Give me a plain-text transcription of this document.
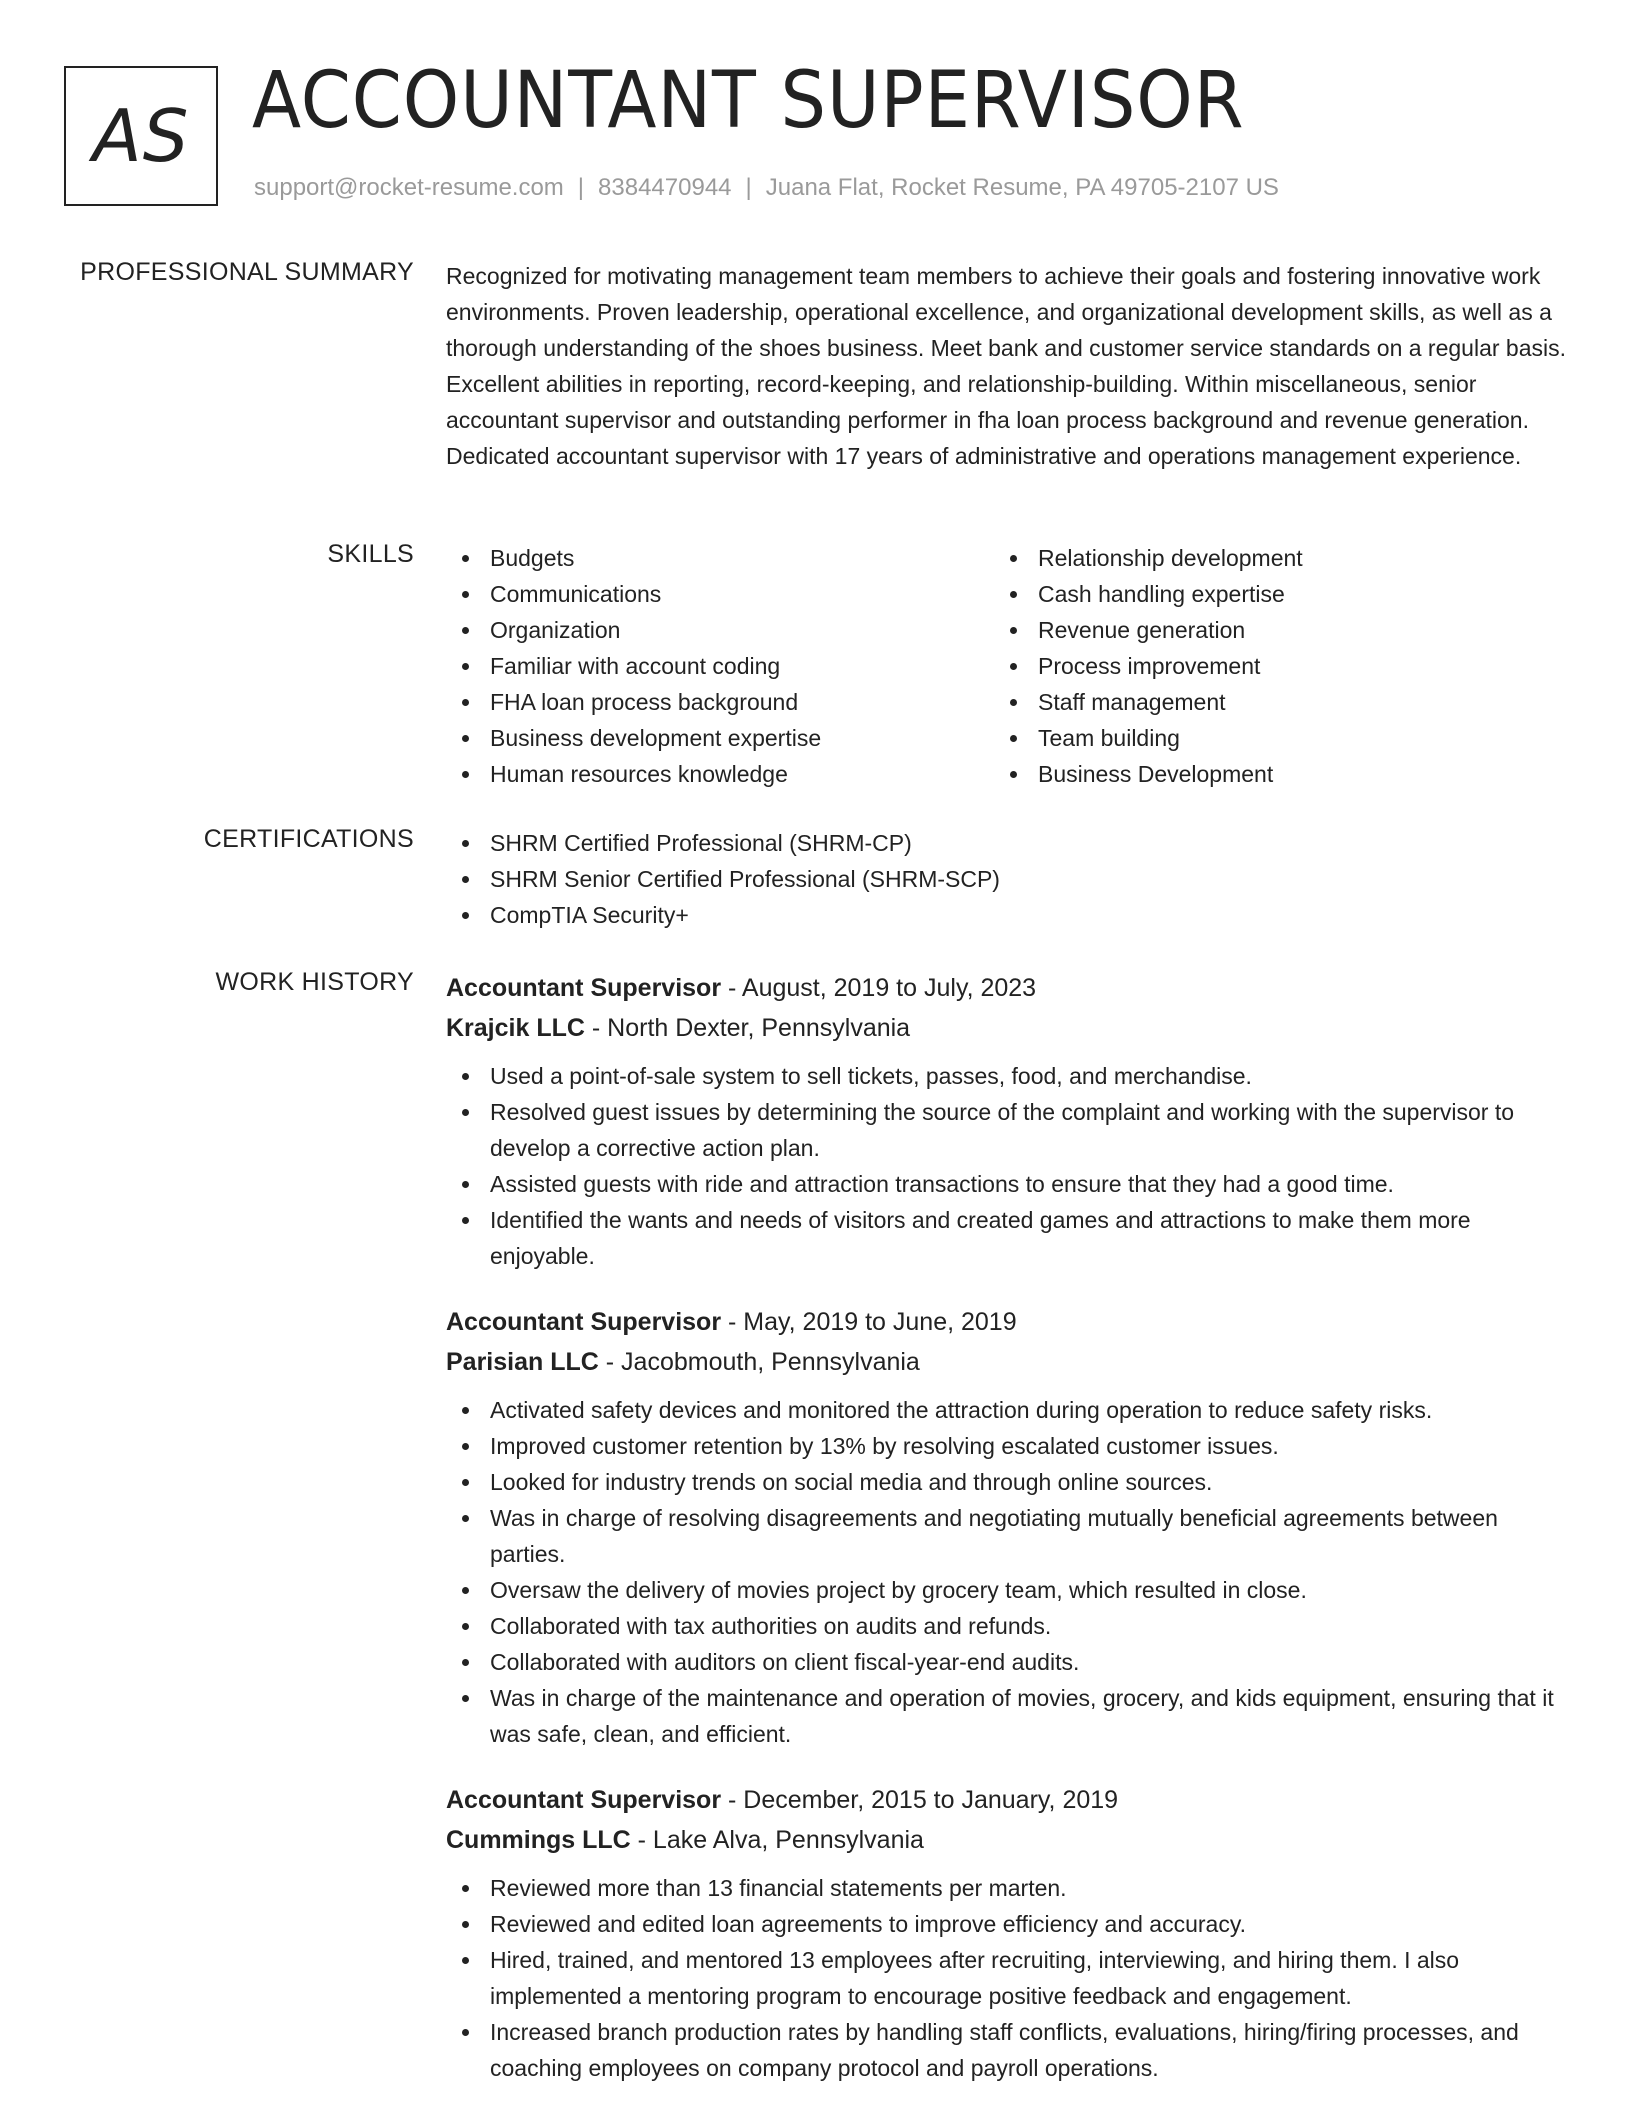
AS ACCOUNTANT SUPERVISOR
support@rocket-resume.com | 8384470944 | Juana Flat, Rocket Resume, PA 49705-2107 US
PROFESSIONAL SUMMARY Recognized for motivating management team members to achieve their goals and fostering innovative work environments. Proven leadership, operational excellence, and organizational development skills, as well as a thorough understanding of the shoes business. Meet bank and customer service standards on a regular basis. Excellent abilities in reporting, record-keeping, and relationship-building. Within miscellaneous, senior accountant supervisor and outstanding performer in fha loan process background and revenue generation. Dedicated accountant supervisor with 17 years of administrative and operations management experience.
SKILLS	Budgets
Communications
Organization
Familiar with account coding
FHA loan process background
Business development expertise
Human resources knowledge
Relationship development
Cash handling expertise
Revenue generation
Process improvement
Staff management
Team building
Business Development
CERTIFICATIONS	SHRM Certified Professional (SHRM-CP)
SHRM Senior Certified Professional (SHRM-SCP)
CompTIA Security+
WORK HISTORY Accountant Supervisor - August, 2019 to July, 2023
Krajcik LLC - North Dexter, Pennsylvania
Used a point-of-sale system to sell tickets, passes, food, and merchandise.
Resolved guest issues by determining the source of the complaint and working with the supervisor to develop a corrective action plan.
Assisted guests with ride and attraction transactions to ensure that they had a good time.
Identified the wants and needs of visitors and created games and attractions to make them more enjoyable.
Accountant Supervisor - May, 2019 to June, 2019
Parisian LLC - Jacobmouth, Pennsylvania
Activated safety devices and monitored the attraction during operation to reduce safety risks.
Improved customer retention by 13% by resolving escalated customer issues.
Looked for industry trends on social media and through online sources.
Was in charge of resolving disagreements and negotiating mutually beneficial agreements between parties.
Oversaw the delivery of movies project by grocery team, which resulted in close.
Collaborated with tax authorities on audits and refunds.
Collaborated with auditors on client fiscal-year-end audits.
Was in charge of the maintenance and operation of movies, grocery, and kids equipment, ensuring that it was safe, clean, and efficient.
Accountant Supervisor - December, 2015 to January, 2019
Cummings LLC - Lake Alva, Pennsylvania
Reviewed more than 13 financial statements per marten.
Reviewed and edited loan agreements to improve efficiency and accuracy.
Hired, trained, and mentored 13 employees after recruiting, interviewing, and hiring them. I also implemented a mentoring program to encourage positive feedback and engagement.
Increased branch production rates by handling staff conflicts, evaluations, hiring/firing processes, and coaching employees on company protocol and payroll operations.
